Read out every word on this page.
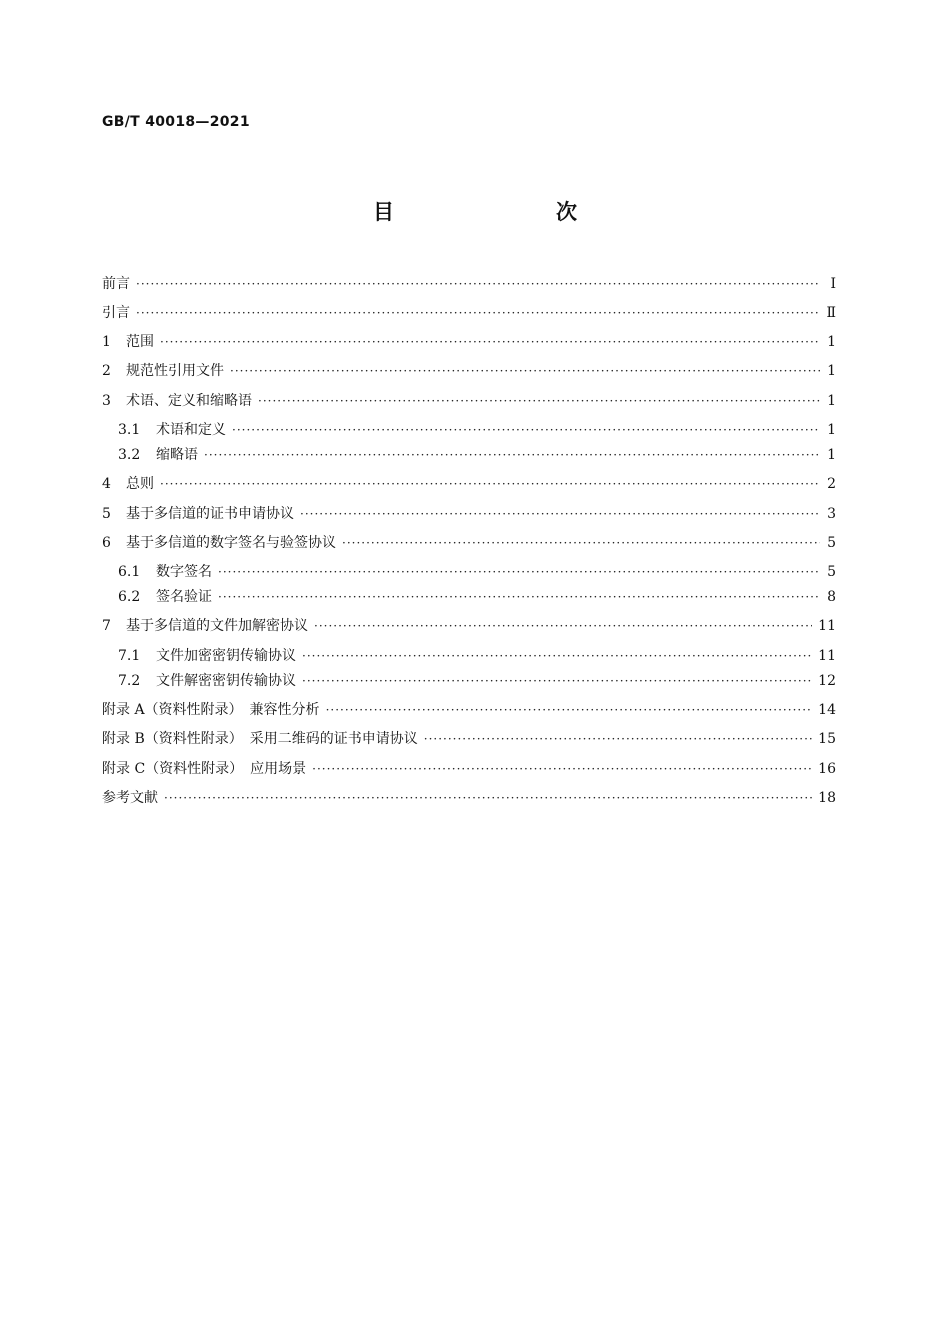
GB/T 40018—2021
目　　次
前言 ·····	Ⅰ
引言 ·····	Ⅱ
1	范围 ·····	1
2	规范性引用文件 ·····	1
3	术语、定义和缩略语 ·····	1
3.1	术语和定义 ·····	1
3.2	缩略语 ·····	1
4	总则 ·····	2
5	基于多信道的证书申请协议 ·····	3
6	基于多信道的数字签名与验签协议 ·····	5
6.1	数字签名 ·····	5
6.2	签名验证 ·····	8
7	基于多信道的文件加解密协议 ·····	11
7.1	文件加密密钥传输协议 ·····	11
7.2	文件解密密钥传输协议 ·····	12
附录 A（资料性附录）　兼容性分析 ·····	14
附录 B（资料性附录）　采用二维码的证书申请协议 ·····	15
附录 C（资料性附录）　应用场景 ·····	16
参考文献 ·····	18
